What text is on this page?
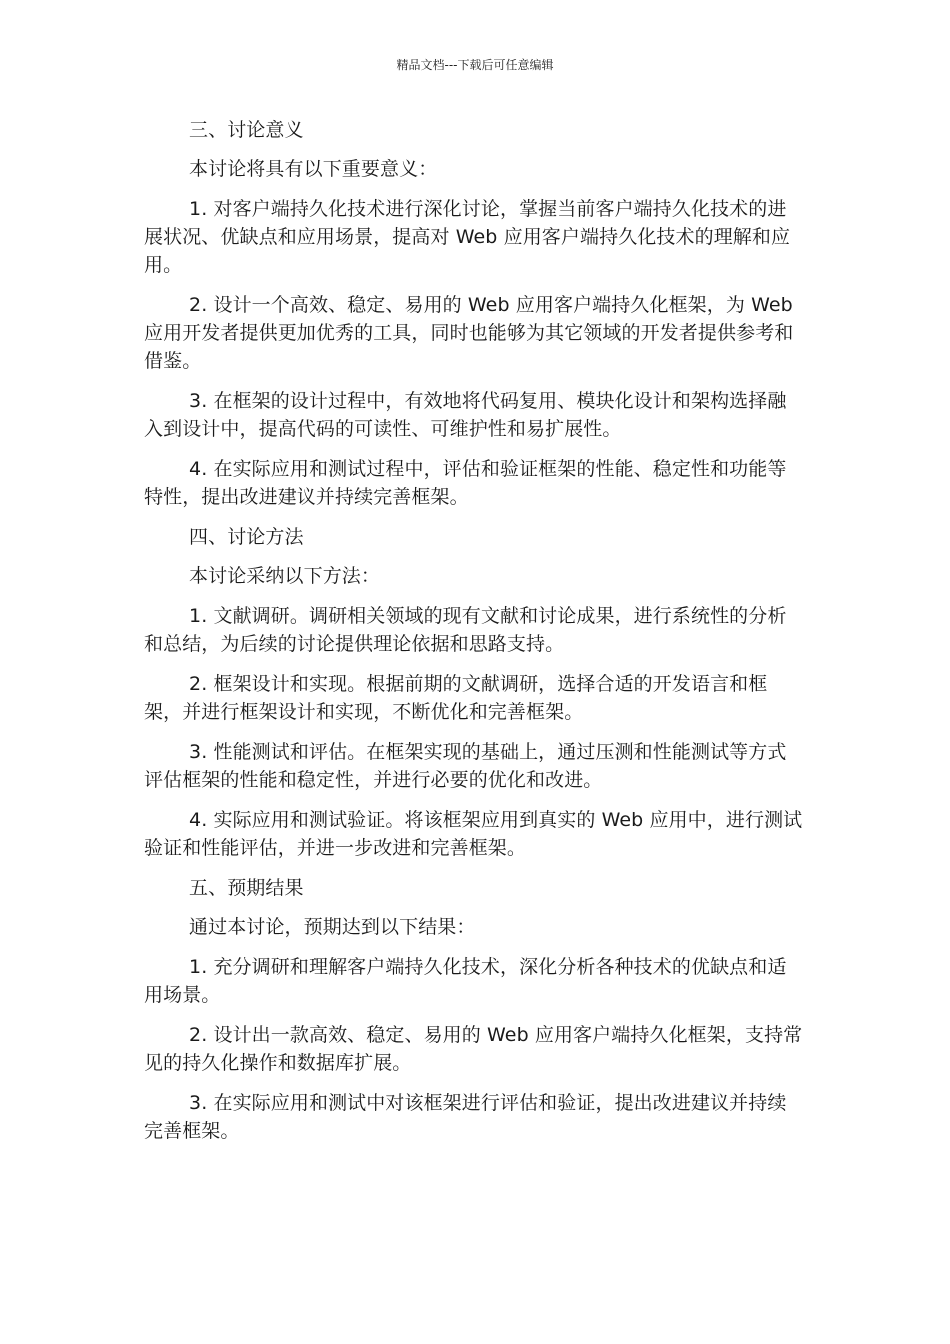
精品文档---下载后可任意编辑

三、讨论意义

本讨论将具有以下重要意义：

1. 对客户端持久化技术进行深化讨论，掌握当前客户端持久化技术的进展状况、优缺点和应用场景，提高对 Web 应用客户端持久化技术的理解和应用。

2. 设计一个高效、稳定、易用的 Web 应用客户端持久化框架，为 Web 应用开发者提供更加优秀的工具，同时也能够为其它领域的开发者提供参考和借鉴。

3. 在框架的设计过程中，有效地将代码复用、模块化设计和架构选择融入到设计中，提高代码的可读性、可维护性和易扩展性。

4. 在实际应用和测试过程中，评估和验证框架的性能、稳定性和功能等特性，提出改进建议并持续完善框架。

四、讨论方法

本讨论采纳以下方法：

1. 文献调研。调研相关领域的现有文献和讨论成果，进行系统性的分析和总结，为后续的讨论提供理论依据和思路支持。

2. 框架设计和实现。根据前期的文献调研，选择合适的开发语言和框架，并进行框架设计和实现，不断优化和完善框架。

3. 性能测试和评估。在框架实现的基础上，通过压测和性能测试等方式评估框架的性能和稳定性，并进行必要的优化和改进。

4. 实际应用和测试验证。将该框架应用到真实的 Web 应用中，进行测试验证和性能评估，并进一步改进和完善框架。

五、预期结果

通过本讨论，预期达到以下结果：

1. 充分调研和理解客户端持久化技术，深化分析各种技术的优缺点和适用场景。

2. 设计出一款高效、稳定、易用的 Web 应用客户端持久化框架，支持常见的持久化操作和数据库扩展。

3. 在实际应用和测试中对该框架进行评估和验证，提出改进建议并持续完善框架。
